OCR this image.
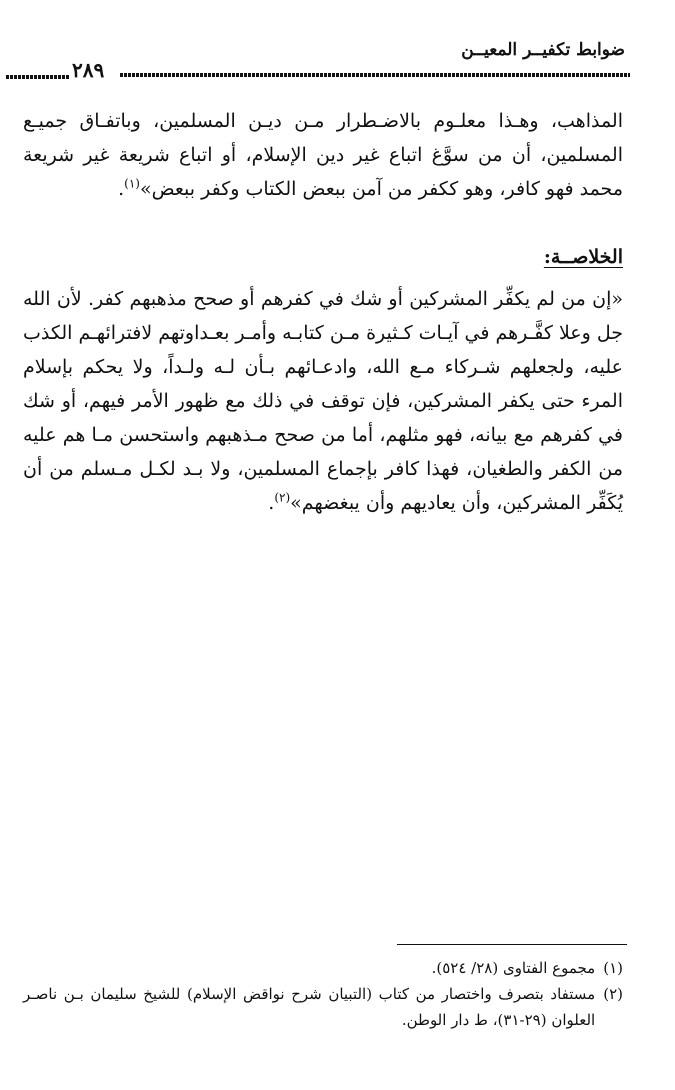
ضوابط تكفيــر المعيــن
٢٨٩

المذاهب، وهـذا معلـوم بالاضـطرار مـن ديـن المسلمين، وباتفـاق جميـع المسلمين، أن من سوَّغ اتباع غير دين الإسلام، أو اتباع شريعة غير شريعة محمد فهو كافر، وهو ككفر من آمن ببعض الكتاب وكفر ببعض»$^{(١)}$.

الخلاصــة:

«إن من لم يكفِّر المشركين أو شك في كفرهم أو صحح مذهبهم كفر. لأن الله جل وعلا كفَّـرهم في آيـات كـثيرة مـن كتابـه وأمـر بعـداوتهم لافترائهـم الكذب عليه، ولجعلهم شـركاء مـع الله، وادعـائهم بـأن لـه ولـداً، ولا يحكم بإسلام المرء حتى يكفر المشركين، فإن توقف في ذلك مع ظهور الأمر فيهم، أو شك في كفرهم مع بيانه، فهو مثلهم، أما من صحح مـذهبهم واستحسن مـا هم عليه من الكفر والطغيان، فهذا كافر بإجماع المسلمين، ولا بـد لكـل مـسلم من أن يُكَفِّر المشركين، وأن يعاديهم وأن يبغضهم»$^{(٢)}$.

(١)
مجموع الفتاوى (٢٨/ ٥٢٤).
(٢)
مستفاد بتصرف واختصار من كتاب (التبيان شرح نواقض الإسلام) للشيخ سليمان بـن ناصـر العلوان (٢٩-٣١)، ط دار الوطن.
